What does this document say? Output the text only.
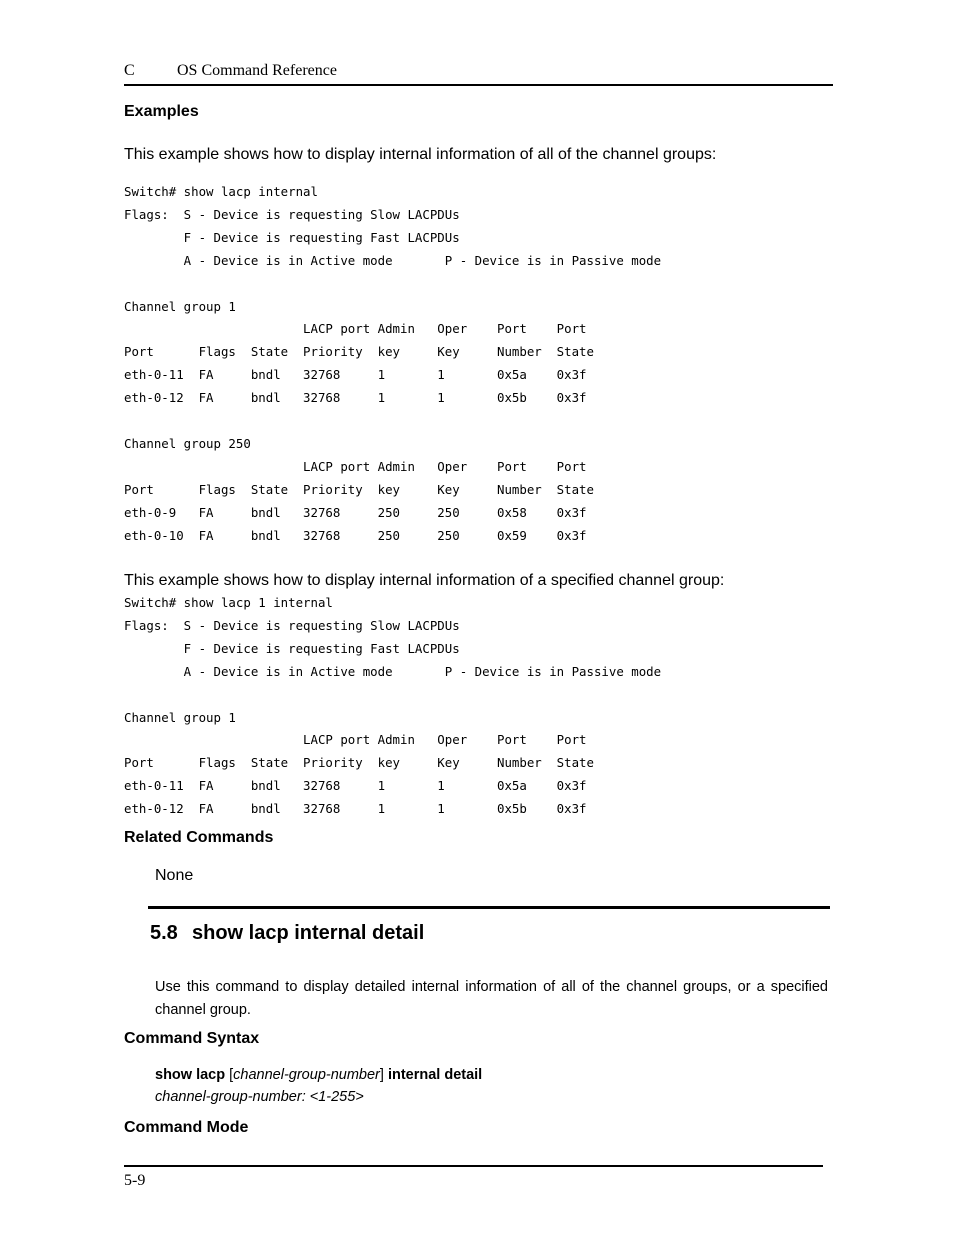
C	OS Command Reference
Examples
This example shows how to display internal information of all of the channel groups:
Switch# show lacp internal
Flags:  S - Device is requesting Slow LACPDUs
F - Device is requesting Fast LACPDUs
A - Device is in Active mode       P - Device is in Passive mode

Channel group 1
LACP port Admin   Oper    Port    Port
Port      Flags  State  Priority  key     Key     Number  State
eth-0-11  FA     bndl   32768     1       1       0x5a    0x3f
eth-0-12  FA     bndl   32768     1       1       0x5b    0x3f

Channel group 250
LACP port Admin   Oper    Port    Port
Port      Flags  State  Priority  key     Key     Number  State
eth-0-9   FA     bndl   32768     250     250     0x58    0x3f
eth-0-10  FA     bndl   32768     250     250     0x59    0x3f
This example shows how to display internal information of a specified channel group:
Switch# show lacp 1 internal
Flags:  S - Device is requesting Slow LACPDUs
F - Device is requesting Fast LACPDUs
A - Device is in Active mode       P - Device is in Passive mode

Channel group 1
LACP port Admin   Oper    Port    Port
Port      Flags  State  Priority  key     Key     Number  State
eth-0-11  FA     bndl   32768     1       1       0x5a    0x3f
eth-0-12  FA     bndl   32768     1       1       0x5b    0x3f
Related Commands
None
5.8 show lacp internal detail
Use this command to display detailed internal information of all of the channel groups, or a specified channel group.
Command Syntax
show lacp [channel-group-number] internal detail
channel-group-number: <1-255>
Command Mode
5-9
